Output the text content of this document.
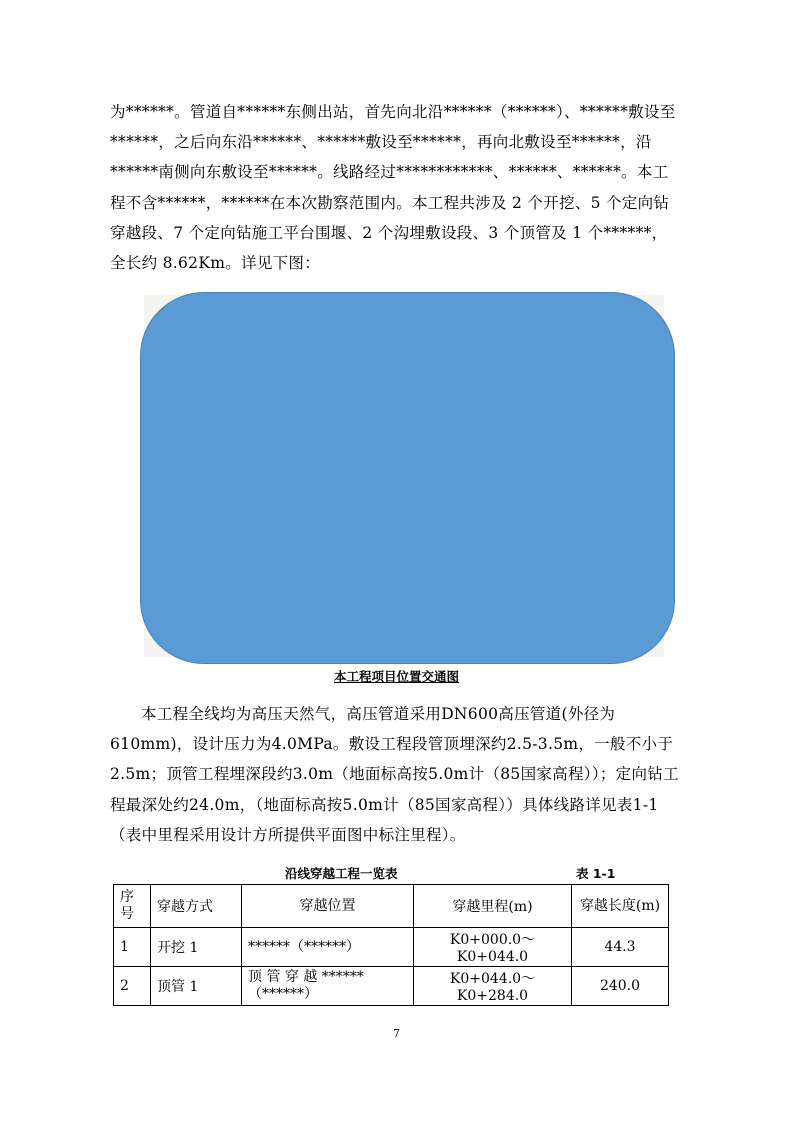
为******。管道自******东侧出站，首先向北沿******（******）、******敷设至******，之后向东沿******、******敷设至******，再向北敷设至******，沿******南侧向东敷设至******。线路经过************、******、******。本工程不含******，******在本次勘察范围内。本工程共涉及 2 个开挖、5 个定向钻穿越段、7 个定向钻施工平台围堰、2 个沟埋敷设段、3 个顶管及 1 个******，全长约 8.62Km。详见下图：

本工程项目位置交通图

本工程全线均为高压天然气，高压管道采用DN600高压管道(外径为610mm)，设计压力为4.0MPa。敷设工程段管顶埋深约2.5-3.5m，一般不小于2.5m；顶管工程埋深段约3.0m（地面标高按5.0m计（85国家高程））；定向钻工程最深处约24.0m，（地面标高按5.0m计（85国家高程））具体线路详见表1-1（表中里程采用设计方所提供平面图中标注里程）。

沿线穿越工程一览表	表 1-1
序号	穿越方式	穿越位置	穿越里程(m)	穿越长度(m)
1	开挖 1	******（******）	K0+000.0～K0+044.0	44.3
2	顶管 1	顶 管 穿 越 ******（******）	K0+044.0～K0+284.0	240.0
7
